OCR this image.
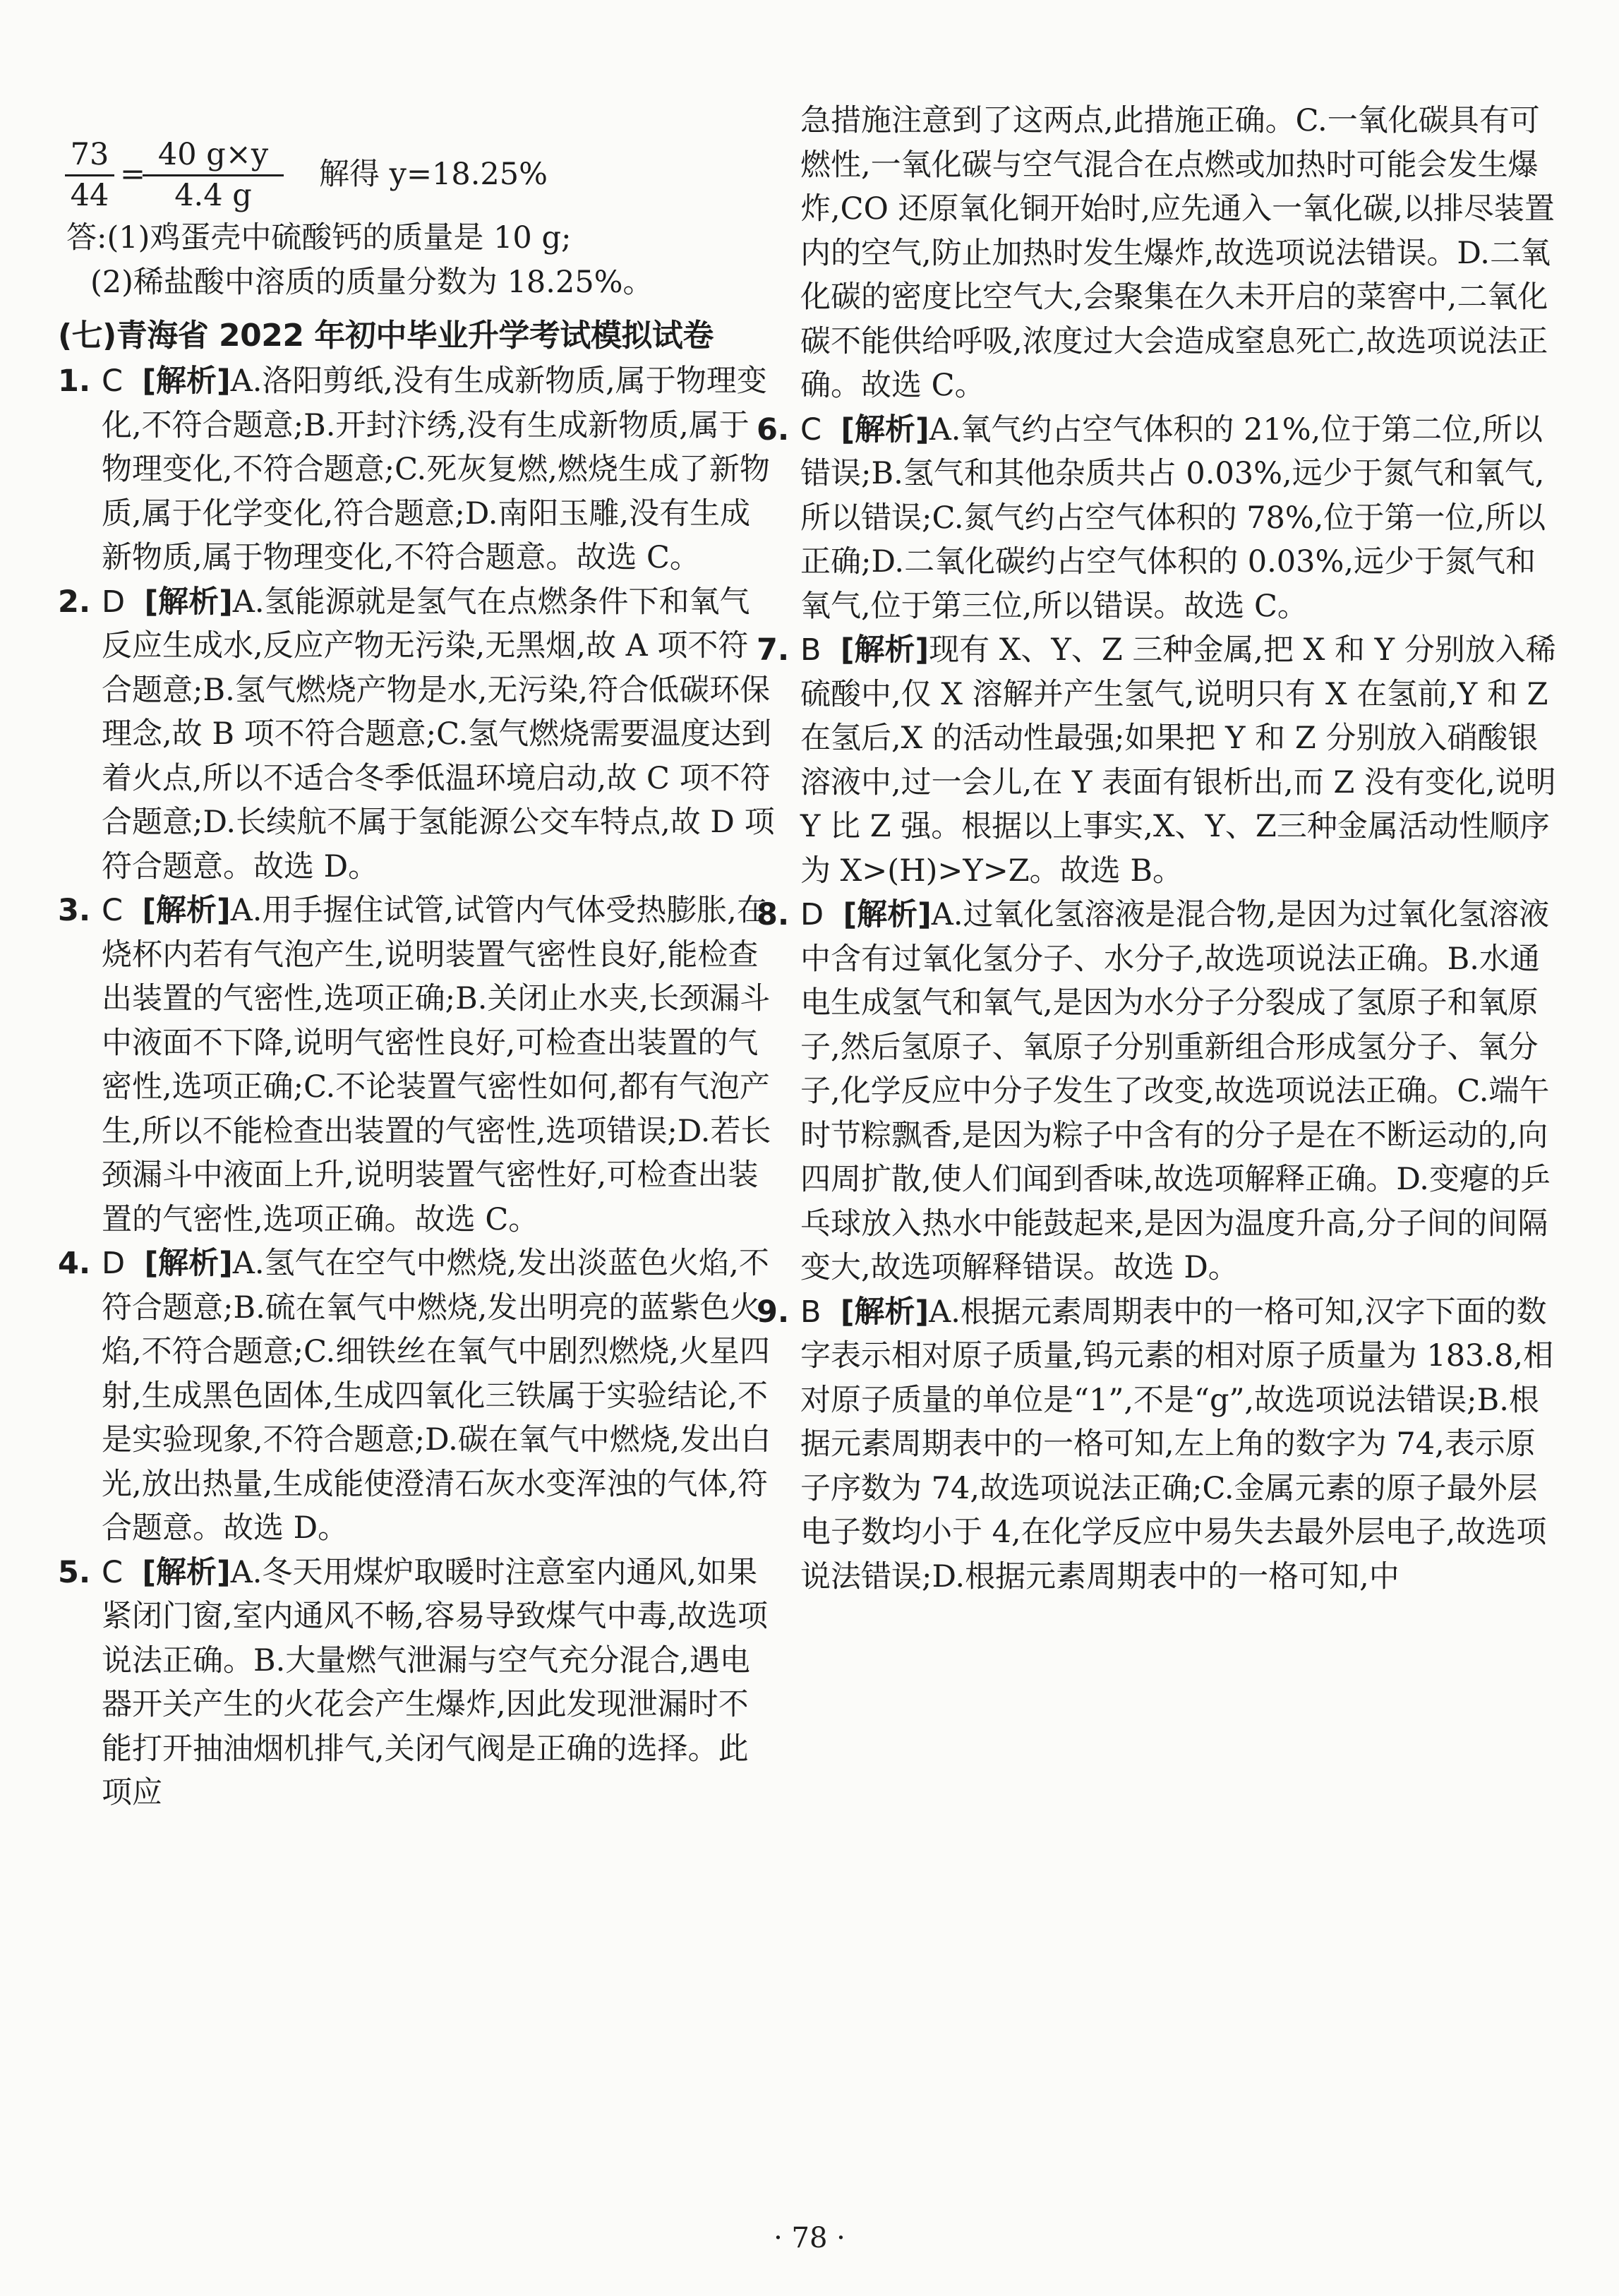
$\frac{73}{44}$ =
$\frac{40 g\times y}{4.4 g}$ 解得 y=18.25%

答:(1)鸡蛋壳中硫酸钙的质量是 10 g;

(2)稀盐酸中溶质的质量分数为 18.25%。

(七)青海省 2022 年初中毕业升学考试模拟试卷
1. C [解析]A.洛阳剪纸,没有生成新物质,属于物理变化,不符合题意;B.开封汴绣,没有生成新物质,属于物理变化,不符合题意;C.死灰复燃,燃烧生成了新物质,属于化学变化,符合题意;D.南阳玉雕,没有生成新物质,属于物理变化,不符合题意。故选 C。
2. D [解析]A.氢能源就是氢气在点燃条件下和氧气反应生成水,反应产物无污染,无黑烟,故 A 项不符合题意;B.氢气燃烧产物是水,无污染,符合低碳环保理念,故 B 项不符合题意;C.氢气燃烧需要温度达到着火点,所以不适合冬季低温环境启动,故 C 项不符合题意;D.长续航不属于氢能源公交车特点,故 D 项符合题意。故选 D。
3. C [解析]A.用手握住试管,试管内气体受热膨胀,在烧杯内若有气泡产生,说明装置气密性良好,能检查出装置的气密性,选项正确;B.关闭止水夹,长颈漏斗中液面不下降,说明气密性良好,可检查出装置的气密性,选项正确;C.不论装置气密性如何,都有气泡产生,所以不能检查出装置的气密性,选项错误;D.若长颈漏斗中液面上升,说明装置气密性好,可检查出装置的气密性,选项正确。故选 C。
4. D [解析]A.氢气在空气中燃烧,发出淡蓝色火焰,不符合题意;B.硫在氧气中燃烧,发出明亮的蓝紫色火焰,不符合题意;C.细铁丝在氧气中剧烈燃烧,火星四射,生成黑色固体,生成四氧化三铁属于实验结论,不是实验现象,不符合题意;D.碳在氧气中燃烧,发出白光,放出热量,生成能使澄清石灰水变浑浊的气体,符合题意。故选 D。
5. C [解析]A.冬天用煤炉取暖时注意室内通风,如果紧闭门窗,室内通风不畅,容易导致煤气中毒,故选项说法正确。B.大量燃气泄漏与空气充分混合,遇电器开关产生的火花会产生爆炸,因此发现泄漏时不能打开抽油烟机排气,关闭气阀是正确的选择。此项应

急措施注意到了这两点,此措施正确。C.一氧化碳具有可燃性,一氧化碳与空气混合在点燃或加热时可能会发生爆炸,CO 还原氧化铜开始时,应先通入一氧化碳,以排尽装置内的空气,防止加热时发生爆炸,故选项说法错误。D.二氧化碳的密度比空气大,会聚集在久未开启的菜窖中,二氧化碳不能供给呼吸,浓度过大会造成窒息死亡,故选项说法正确。故选 C。

6. C [解析]A.氧气约占空气体积的 21%,位于第二位,所以错误;B.氢气和其他杂质共占 0.03%,远少于氮气和氧气,所以错误;C.氮气约占空气体积的 78%,位于第一位,所以正确;D.二氧化碳约占空气体积的 0.03%,远少于氮气和氧气,位于第三位,所以错误。故选 C。
7. B [解析]现有 X、Y、Z 三种金属,把 X 和 Y 分别放入稀硫酸中,仅 X 溶解并产生氢气,说明只有 X 在氢前,Y 和 Z 在氢后,X 的活动性最强;如果把 Y 和 Z 分别放入硝酸银溶液中,过一会儿,在 Y 表面有银析出,而 Z 没有变化,说明 Y 比 Z 强。根据以上事实,X、Y、Z三种金属活动性顺序为 X>(H)>Y>Z。故选 B。
8. D [解析]A.过氧化氢溶液是混合物,是因为过氧化氢溶液中含有过氧化氢分子、水分子,故选项说法正确。B.水通电生成氢气和氧气,是因为水分子分裂成了氢原子和氧原子,然后氢原子、氧原子分别重新组合形成氢分子、氧分子,化学反应中分子发生了改变,故选项说法正确。C.端午时节粽飘香,是因为粽子中含有的分子是在不断运动的,向四周扩散,使人们闻到香味,故选项解释正确。D.变瘪的乒乓球放入热水中能鼓起来,是因为温度升高,分子间的间隔变大,故选项解释错误。故选 D。
9. B [解析]A.根据元素周期表中的一格可知,汉字下面的数字表示相对原子质量,钨元素的相对原子质量为 183.8,相对原子质量的单位是“1”,不是“g”,故选项说法错误;B.根据元素周期表中的一格可知,左上角的数字为 74,表示原子序数为 74,故选项说法正确;C.金属元素的原子最外层电子数均小于 4,在化学反应中易失去最外层电子,故选项说法错误;D.根据元素周期表中的一格可知,中
· 78 ·
